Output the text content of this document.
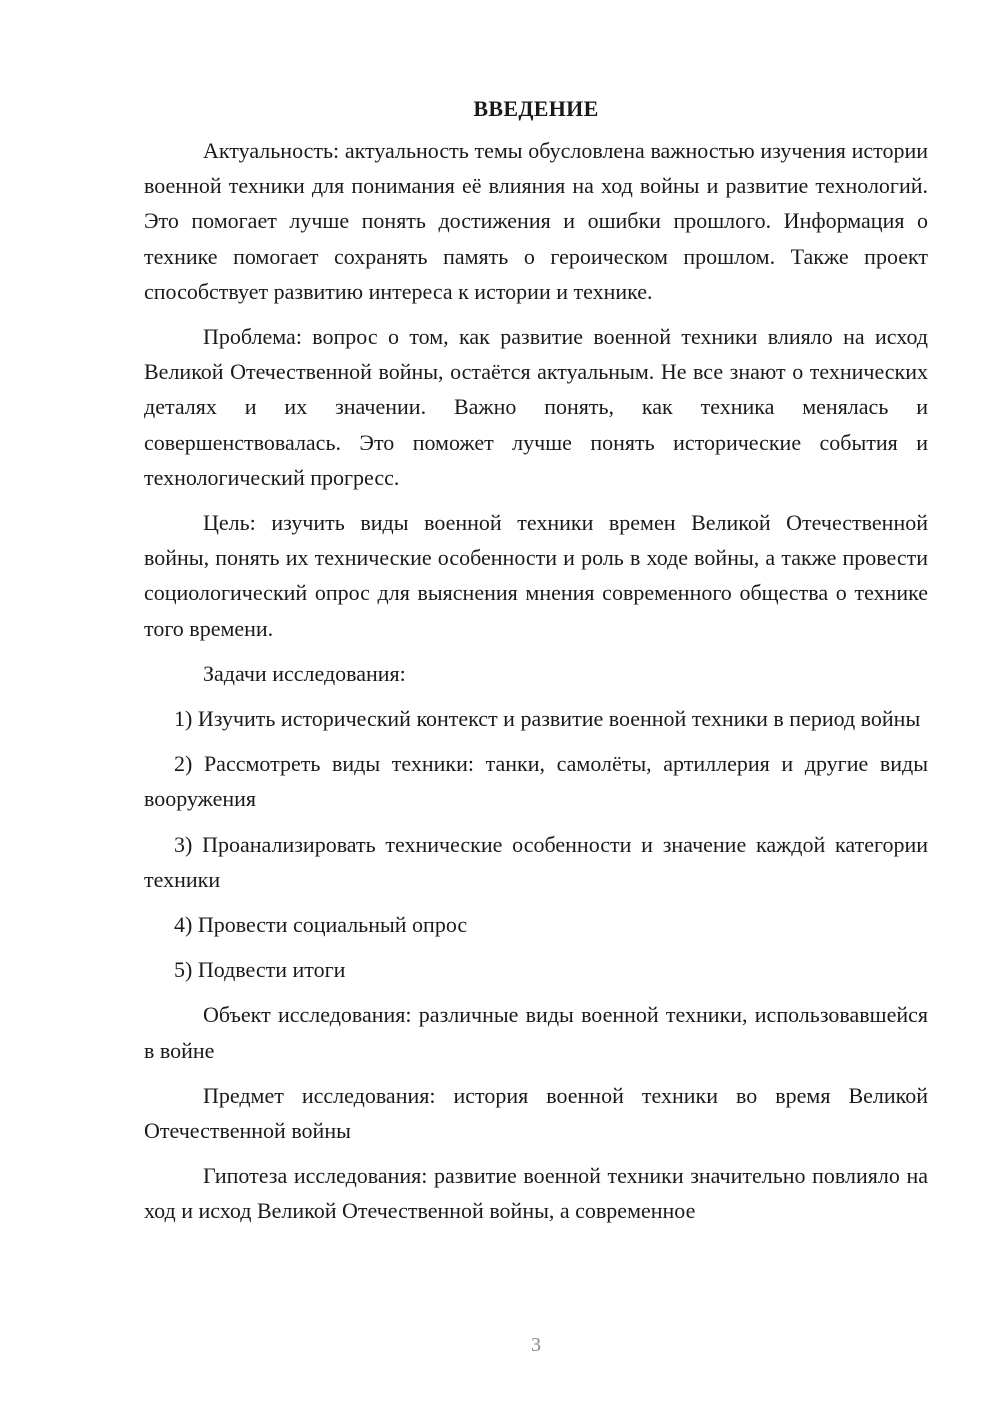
ВВЕДЕНИЕ

Актуальность: актуальность темы обусловлена важностью изучения истории военной техники для понимания её влияния на ход войны и развитие технологий. Это помогает лучше понять достижения и ошибки прошлого. Информация о технике помогает сохранять память о героическом прошлом. Также проект способствует развитию интереса к истории и технике.

Проблема: вопрос о том, как развитие военной техники влияло на исход Великой Отечественной войны, остаётся актуальным. Не все знают о технических деталях и их значении. Важно понять, как техника менялась и совершенствовалась. Это поможет лучше понять исторические события и технологический прогресс.

Цель: изучить виды военной техники времен Великой Отечественной войны, понять их технические особенности и роль в ходе войны, а также провести социологический опрос для выяснения мнения современного общества о технике того времени.

Задачи исследования:

1) Изучить исторический контекст и развитие военной техники в период войны

2) Рассмотреть виды техники: танки, самолёты, артиллерия и другие виды вооружения

3) Проанализировать технические особенности и значение каждой категории техники

4) Провести социальный опрос

5) Подвести итоги

Объект исследования: различные виды военной техники, использовавшейся в войне

Предмет исследования: история военной техники во время Великой Отечественной войны

Гипотеза исследования: развитие военной техники значительно повлияло на ход и исход Великой Отечественной войны, а современное

3
